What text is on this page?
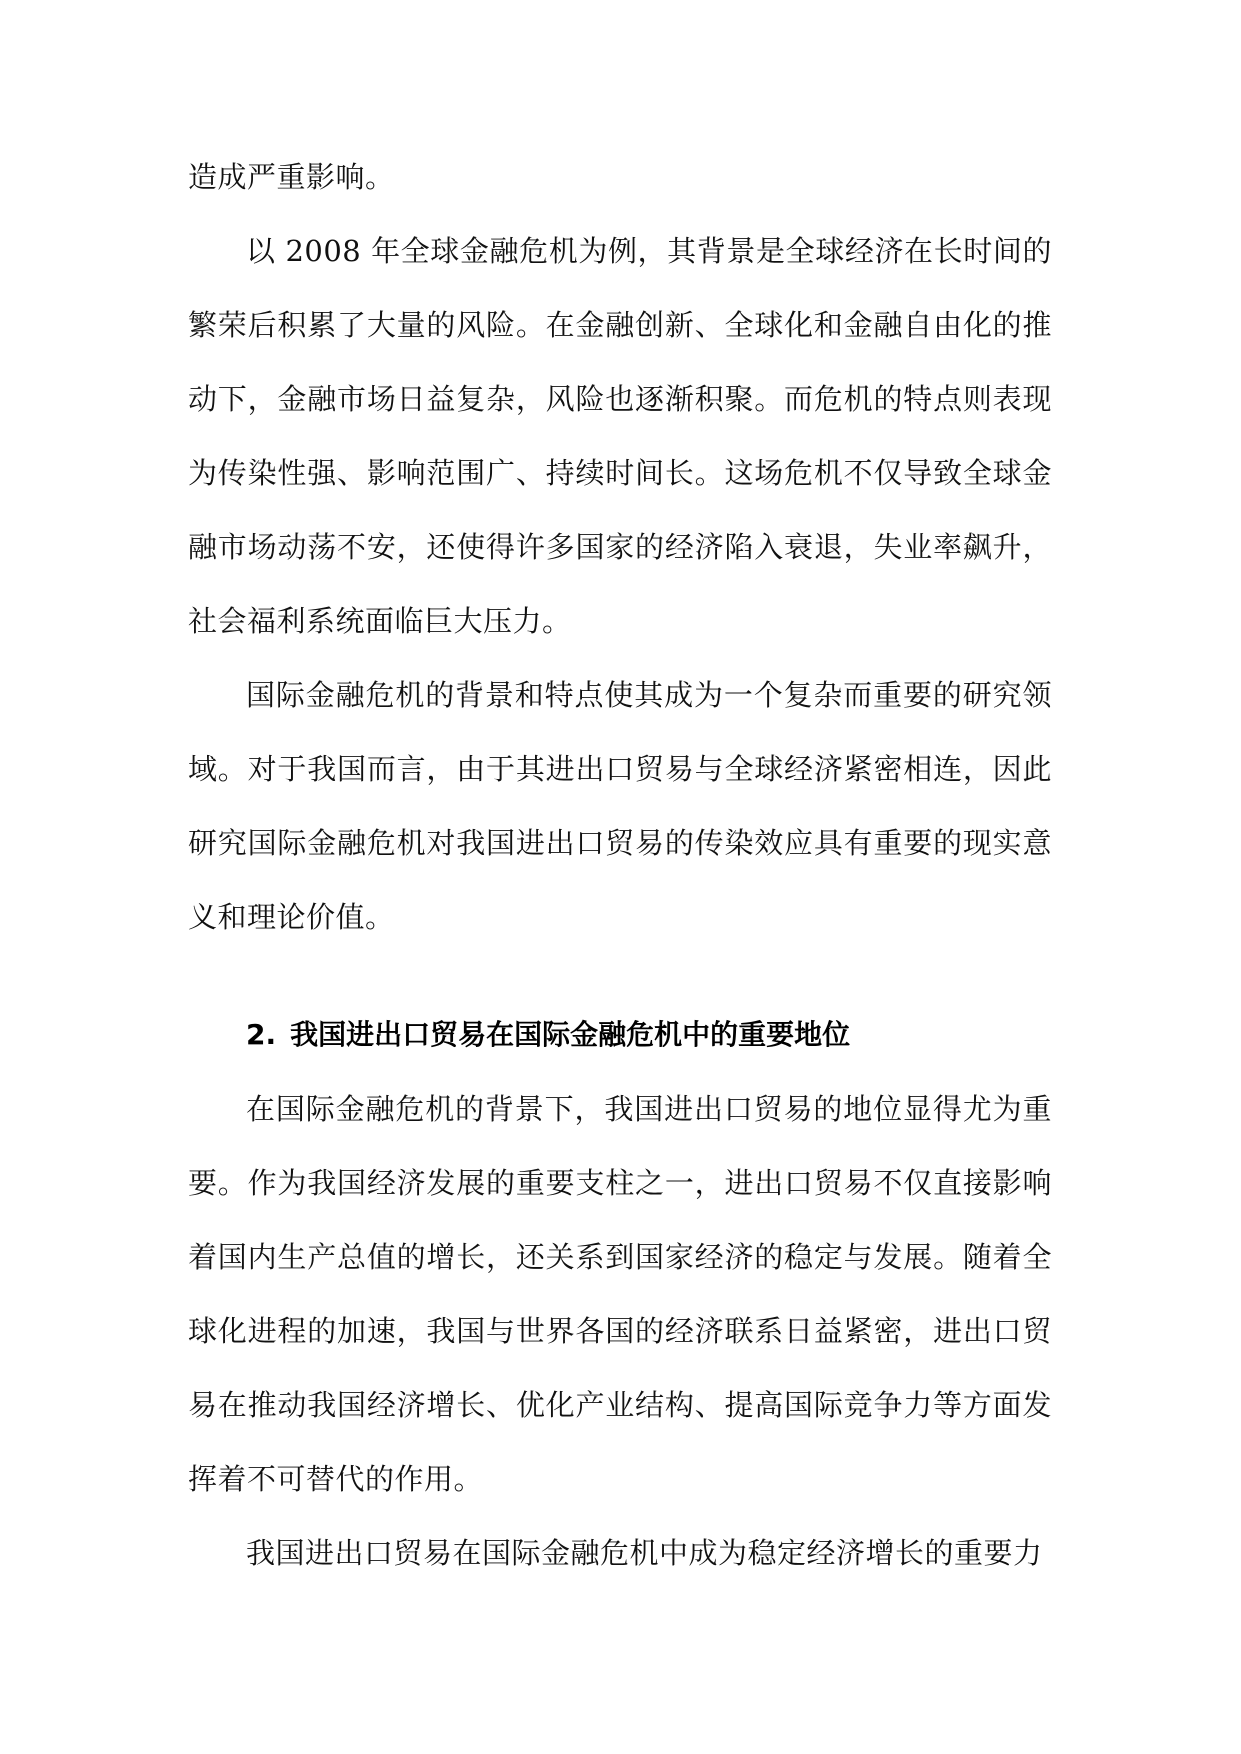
造成严重影响。

以 2008 年全球金融危机为例，其背景是全球经济在长时间的繁荣后积累了大量的风险。在金融创新、全球化和金融自由化的推动下，金融市场日益复杂，风险也逐渐积聚。而危机的特点则表现为传染性强、影响范围广、持续时间长。这场危机不仅导致全球金融市场动荡不安，还使得许多国家的经济陷入衰退，失业率飙升，社会福利系统面临巨大压力。

国际金融危机的背景和特点使其成为一个复杂而重要的研究领域。对于我国而言，由于其进出口贸易与全球经济紧密相连，因此研究国际金融危机对我国进出口贸易的传染效应具有重要的现实意义和理论价值。

2. 我国进出口贸易在国际金融危机中的重要地位

在国际金融危机的背景下，我国进出口贸易的地位显得尤为重要。作为我国经济发展的重要支柱之一，进出口贸易不仅直接影响着国内生产总值的增长，还关系到国家经济的稳定与发展。随着全球化进程的加速，我国与世界各国的经济联系日益紧密，进出口贸易在推动我国经济增长、优化产业结构、提高国际竞争力等方面发挥着不可替代的作用。

我国进出口贸易在国际金融危机中成为稳定经济增长的重要力
